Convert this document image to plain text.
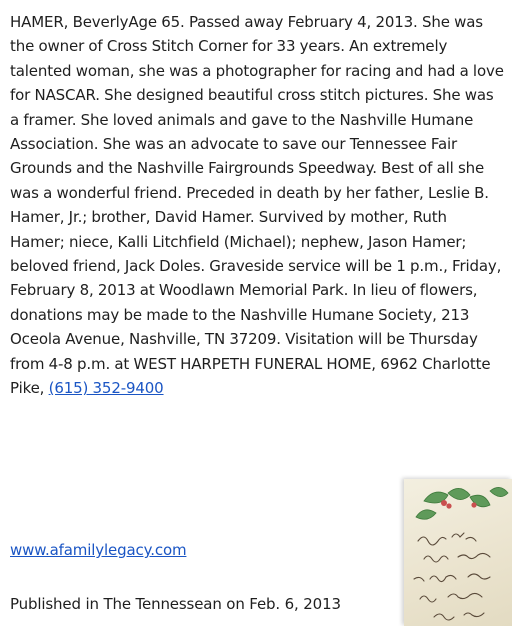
HAMER, BeverlyAge 65. Passed away February 4, 2013. She was the owner of Cross Stitch Corner for 33 years. An extremely talented woman, she was a photographer for racing and had a love for NASCAR. She designed beautiful cross stitch pictures. She was a framer. She loved animals and gave to the Nashville Humane Association. She was an advocate to save our Tennessee Fair Grounds and the Nashville Fairgrounds Speedway. Best of all she was a wonderful friend. Preceded in death by her father, Leslie B. Hamer, Jr.; brother, David Hamer. Survived by mother, Ruth Hamer; niece, Kalli Litchfield (Michael); nephew, Jason Hamer; beloved friend, Jack Doles. Graveside service will be 1 p.m., Friday, February 8, 2013 at Woodlawn Memorial Park. In lieu of flowers, donations may be made to the Nashville Humane Society, 213 Oceola Avenue, Nashville, TN 37209. Visitation will be Thursday from 4-8 p.m. at WEST HARPETH FUNERAL HOME, 6962 Charlotte Pike, (615) 352-9400

www.afamilylegacy.com
Published in The Tennessean on Feb. 6, 2013
